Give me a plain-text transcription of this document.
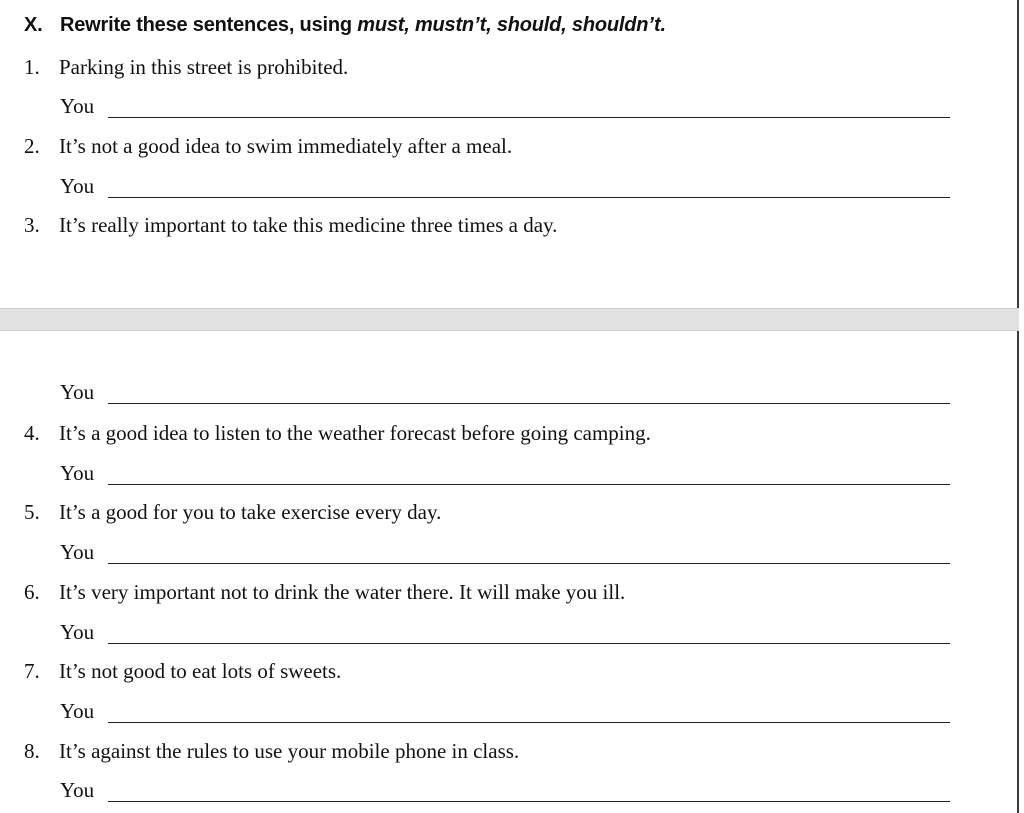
X. Rewrite these sentences, using must, mustn’t, should, shouldn’t.
1. Parking in this street is prohibited.
You
2. It’s not a good idea to swim immediately after a meal.
You
3. It’s really important to take this medicine three times a day.
You
4. It’s a good idea to listen to the weather forecast before going camping.
You
5. It’s a good for you to take exercise every day.
You
6. It’s very important not to drink the water there. It will make you ill.
You
7. It’s not good to eat lots of sweets.
You
8. It’s against the rules to use your mobile phone in class.
You
